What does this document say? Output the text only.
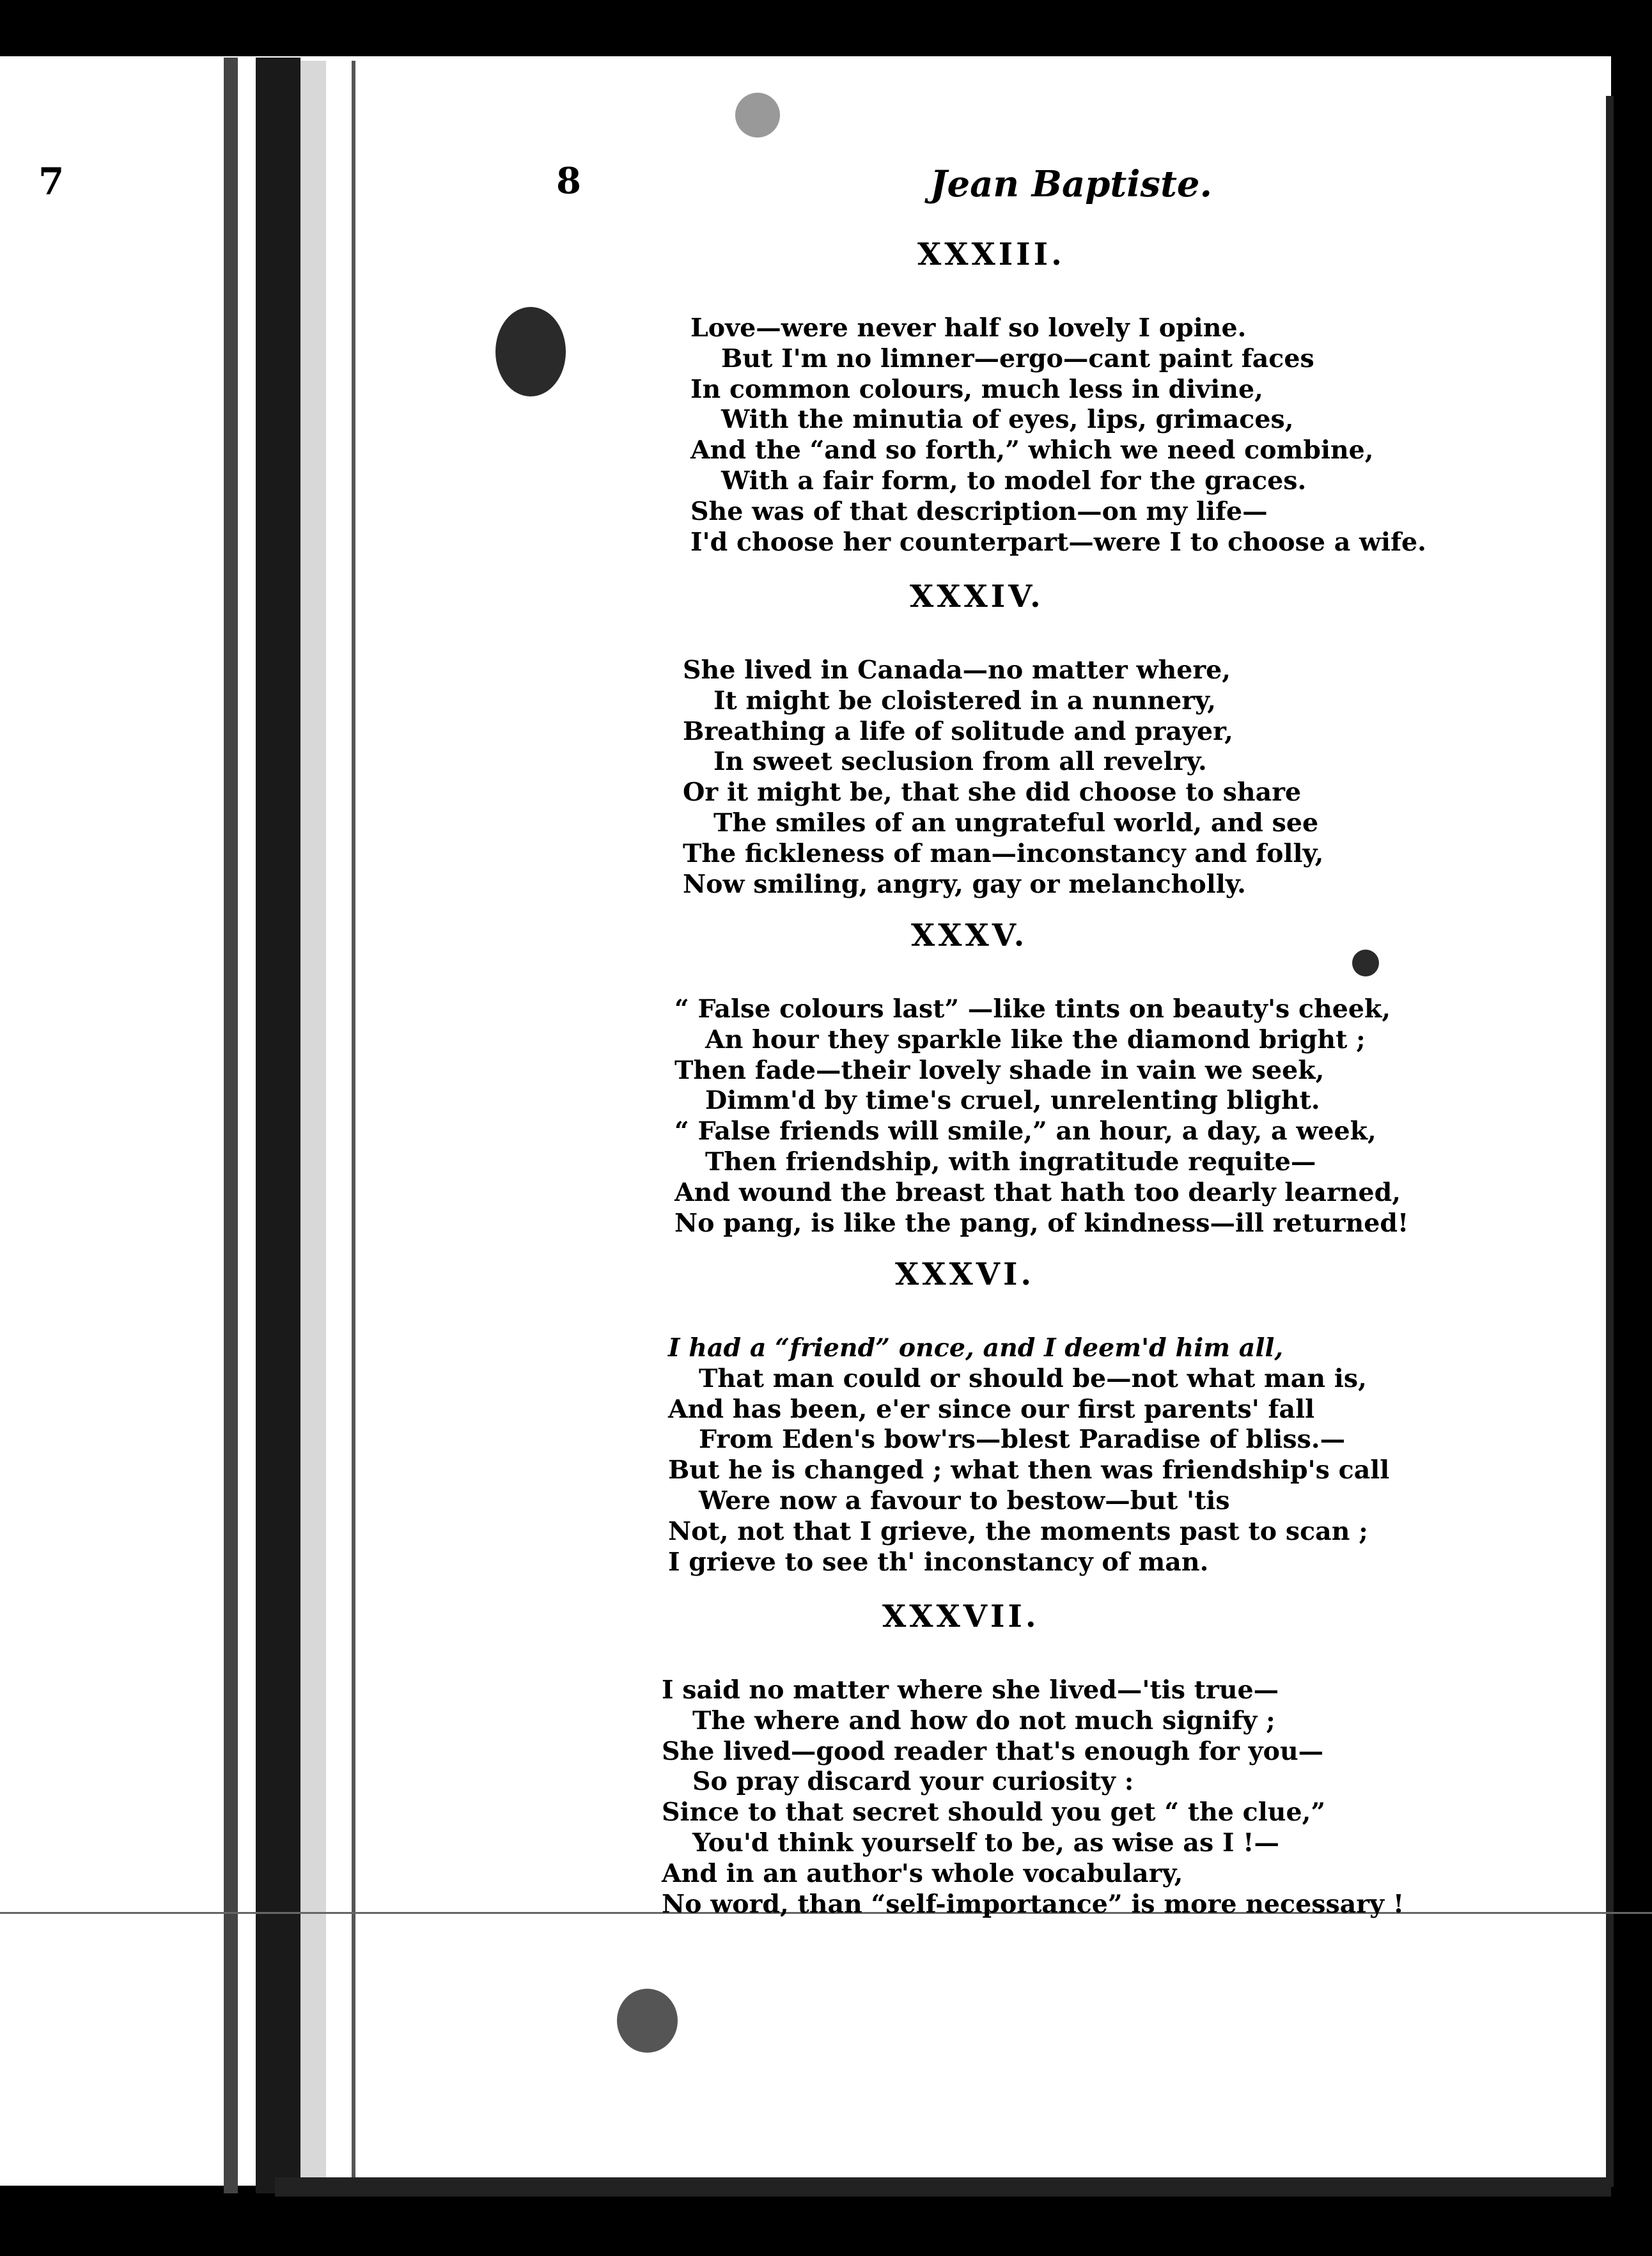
7	8	Jean Baptiste.
XXXIII.
Love—were never half so lovely I opine.
But I'm no limner—ergo—cant paint faces
In common colours, much less in divine,
With the minutia of eyes, lips, grimaces,
And the “and so forth,” which we need combine,
With a fair form, to model for the graces.
She was of that description—on my life—
I'd choose her counterpart—were I to choose a wife.
XXXIV.
She lived in Canada—no matter where,
It might be cloistered in a nunnery,
Breathing a life of solitude and prayer,
In sweet seclusion from all revelry.
Or it might be, that she did choose to share
The smiles of an ungrateful world, and see
The fickleness of man—inconstancy and folly,
Now smiling, angry, gay or melancholly.
XXXV.
“ False colours last” —like tints on beauty's cheek,
An hour they sparkle like the diamond bright ;
Then fade—their lovely shade in vain we seek,
Dimm'd by time's cruel, unrelenting blight.
“ False friends will smile,” an hour, a day, a week,
Then friendship, with ingratitude requite—
And wound the breast that hath too dearly learned,
No pang, is like the pang, of kindness—ill returned!
XXXVI.
I had a “friend” once, and I deem'd him all,
That man could or should be—not what man is,
And has been, e'er since our first parents' fall
From Eden's bow'rs—blest Paradise of bliss.—
But he is changed ; what then was friendship's call
Were now a favour to bestow—but 'tis
Not, not that I grieve, the moments past to scan ;
I grieve to see th' inconstancy of man.
XXXVII.
I said no matter where she lived—'tis true—
The where and how do not much signify ;
She lived—good reader that's enough for you—
So pray discard your curiosity :
Since to that secret should you get “ the clue,”
You'd think yourself to be, as wise as I !—
And in an author's whole vocabulary,
No word, than “self-importance” is more necessary !
